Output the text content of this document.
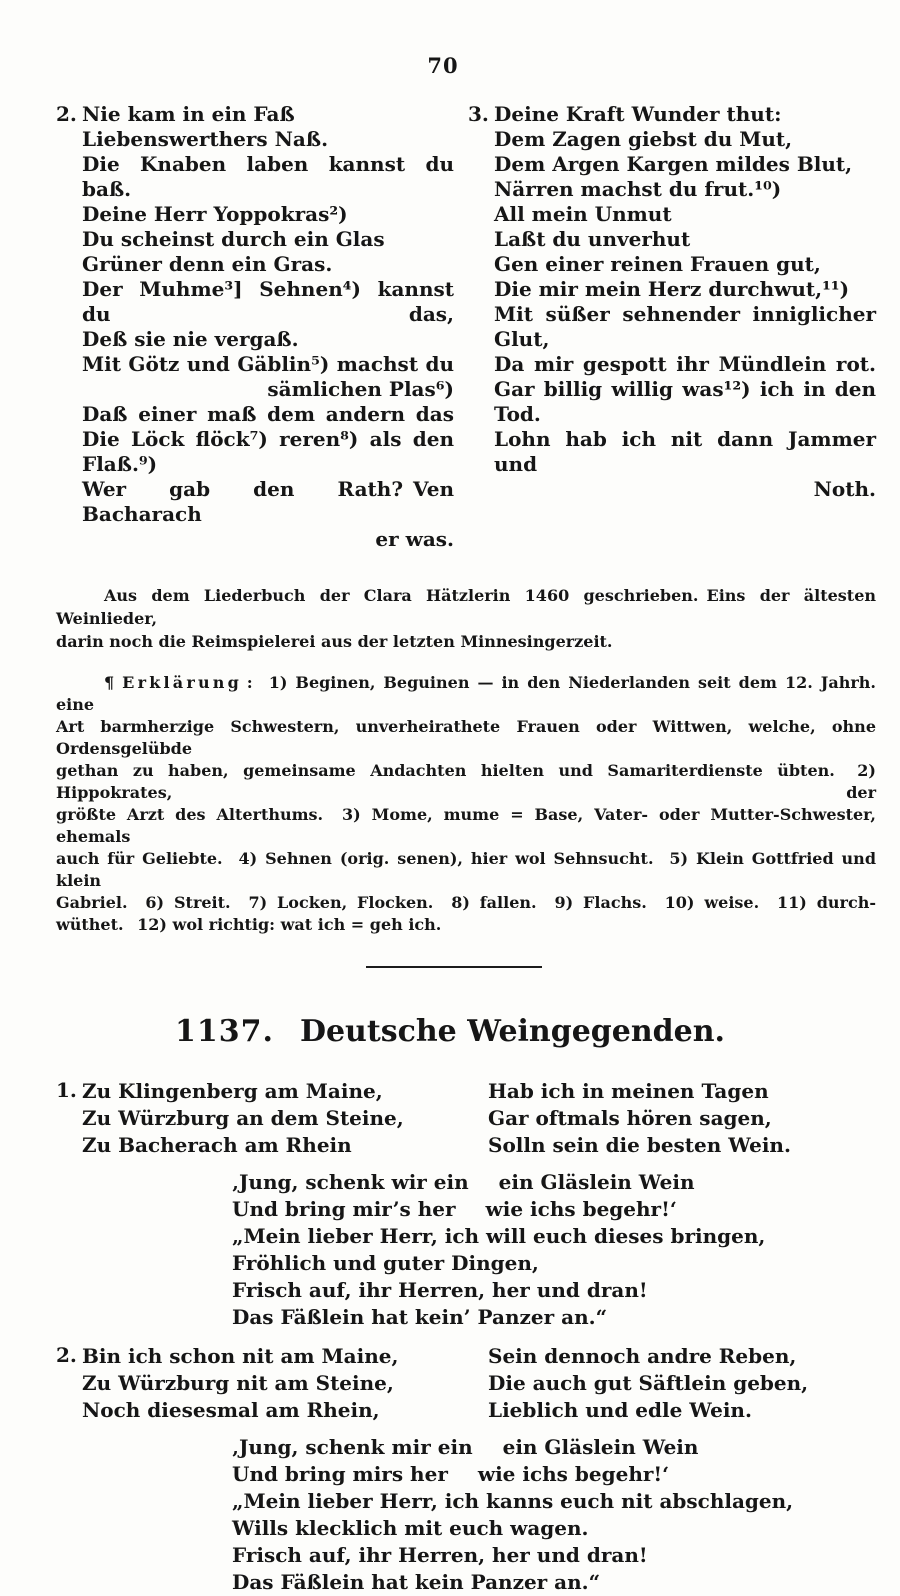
70
2. Nie kam in ein Faß
Liebenswerthers Naß.
Die Knaben laben kannst du baß.
Deine Herr Yoppokras²)
Du scheinst durch ein Glas
Grüner denn ein Gras.
Der Muhme³] Sehnen⁴) kannst du das,
Deß sie nie vergaß.
Mit Götz und Gäblin⁵) machst du
sämlichen Plas⁶)
Daß einer maß dem andern das
Die Löck flöck⁷) reren⁸) als den Flaß.⁹)
Wer gab den Rath? Ven Bacharach
er was.
3. Deine Kraft Wunder thut:
Dem Zagen giebst du Mut,
Dem Argen Kargen mildes Blut,
Närren machst du frut.¹⁰)
All mein Unmut
Laßt du unverhut
Gen einer reinen Frauen gut,
Die mir mein Herz durchwut,¹¹)
Mit süßer sehnender inniglicher Glut,
Da mir gespott ihr Mündlein rot.
Gar billig willig was¹²) ich in den Tod.
Lohn hab ich nit dann Jammer und
Noth.
Aus dem Liederbuch der Clara Hätzlerin 1460 geschrieben. Eins der ältesten Weinlieder,
darin noch die Reimspielerei aus der letzten Minnesingerzeit.
¶ E r k l ä r u n g :  1) Beginen, Beguinen — in den Niederlanden seit dem 12. Jahrh. eine
Art barmherzige Schwestern, unverheirathete Frauen oder Wittwen, welche, ohne Ordensgelübde
gethan zu haben, gemeinsame Andachten hielten und Samariterdienste übten.  2) Hippokrates, der
größte Arzt des Alterthums.  3) Mome, mume = Base, Vater- oder Mutter-Schwester, ehemals
auch für Geliebte.  4) Sehnen (orig. senen), hier wol Sehnsucht.  5) Klein Gottfried und klein
Gabriel.  6) Streit.  7) Locken, Flocken.  8) fallen.  9) Flachs.  10) weise.  11) durch-
wüthet.  12) wol richtig: wat ich = geh ich.
1137. Deutsche Weingegenden.
1. Zu Klingenberg am Maine,
Zu Würzburg an dem Steine,
Zu Bacherach am Rhein
Hab ich in meinen Tagen
Gar oftmals hören sagen,
Solln sein die besten Wein.
‚Jung, schenk wir ein  ein Gläslein Wein
Und bring mir’s her  wie ichs begehr!‘
„Mein lieber Herr, ich will euch dieses bringen,
Fröhlich und guter Dingen,
Frisch auf, ihr Herren, her und dran!
Das Fäßlein hat kein’ Panzer an.“
2. Bin ich schon nit am Maine,
Zu Würzburg nit am Steine,
Noch diesesmal am Rhein,
Sein dennoch andre Reben,
Die auch gut Säftlein geben,
Lieblich und edle Wein.
‚Jung, schenk mir ein  ein Gläslein Wein
Und bring mirs her  wie ichs begehr!‘
„Mein lieber Herr, ich kanns euch nit abschlagen,
Wills klecklich mit euch wagen.
Frisch auf, ihr Herren, her und dran!
Das Fäßlein hat kein Panzer an.“
